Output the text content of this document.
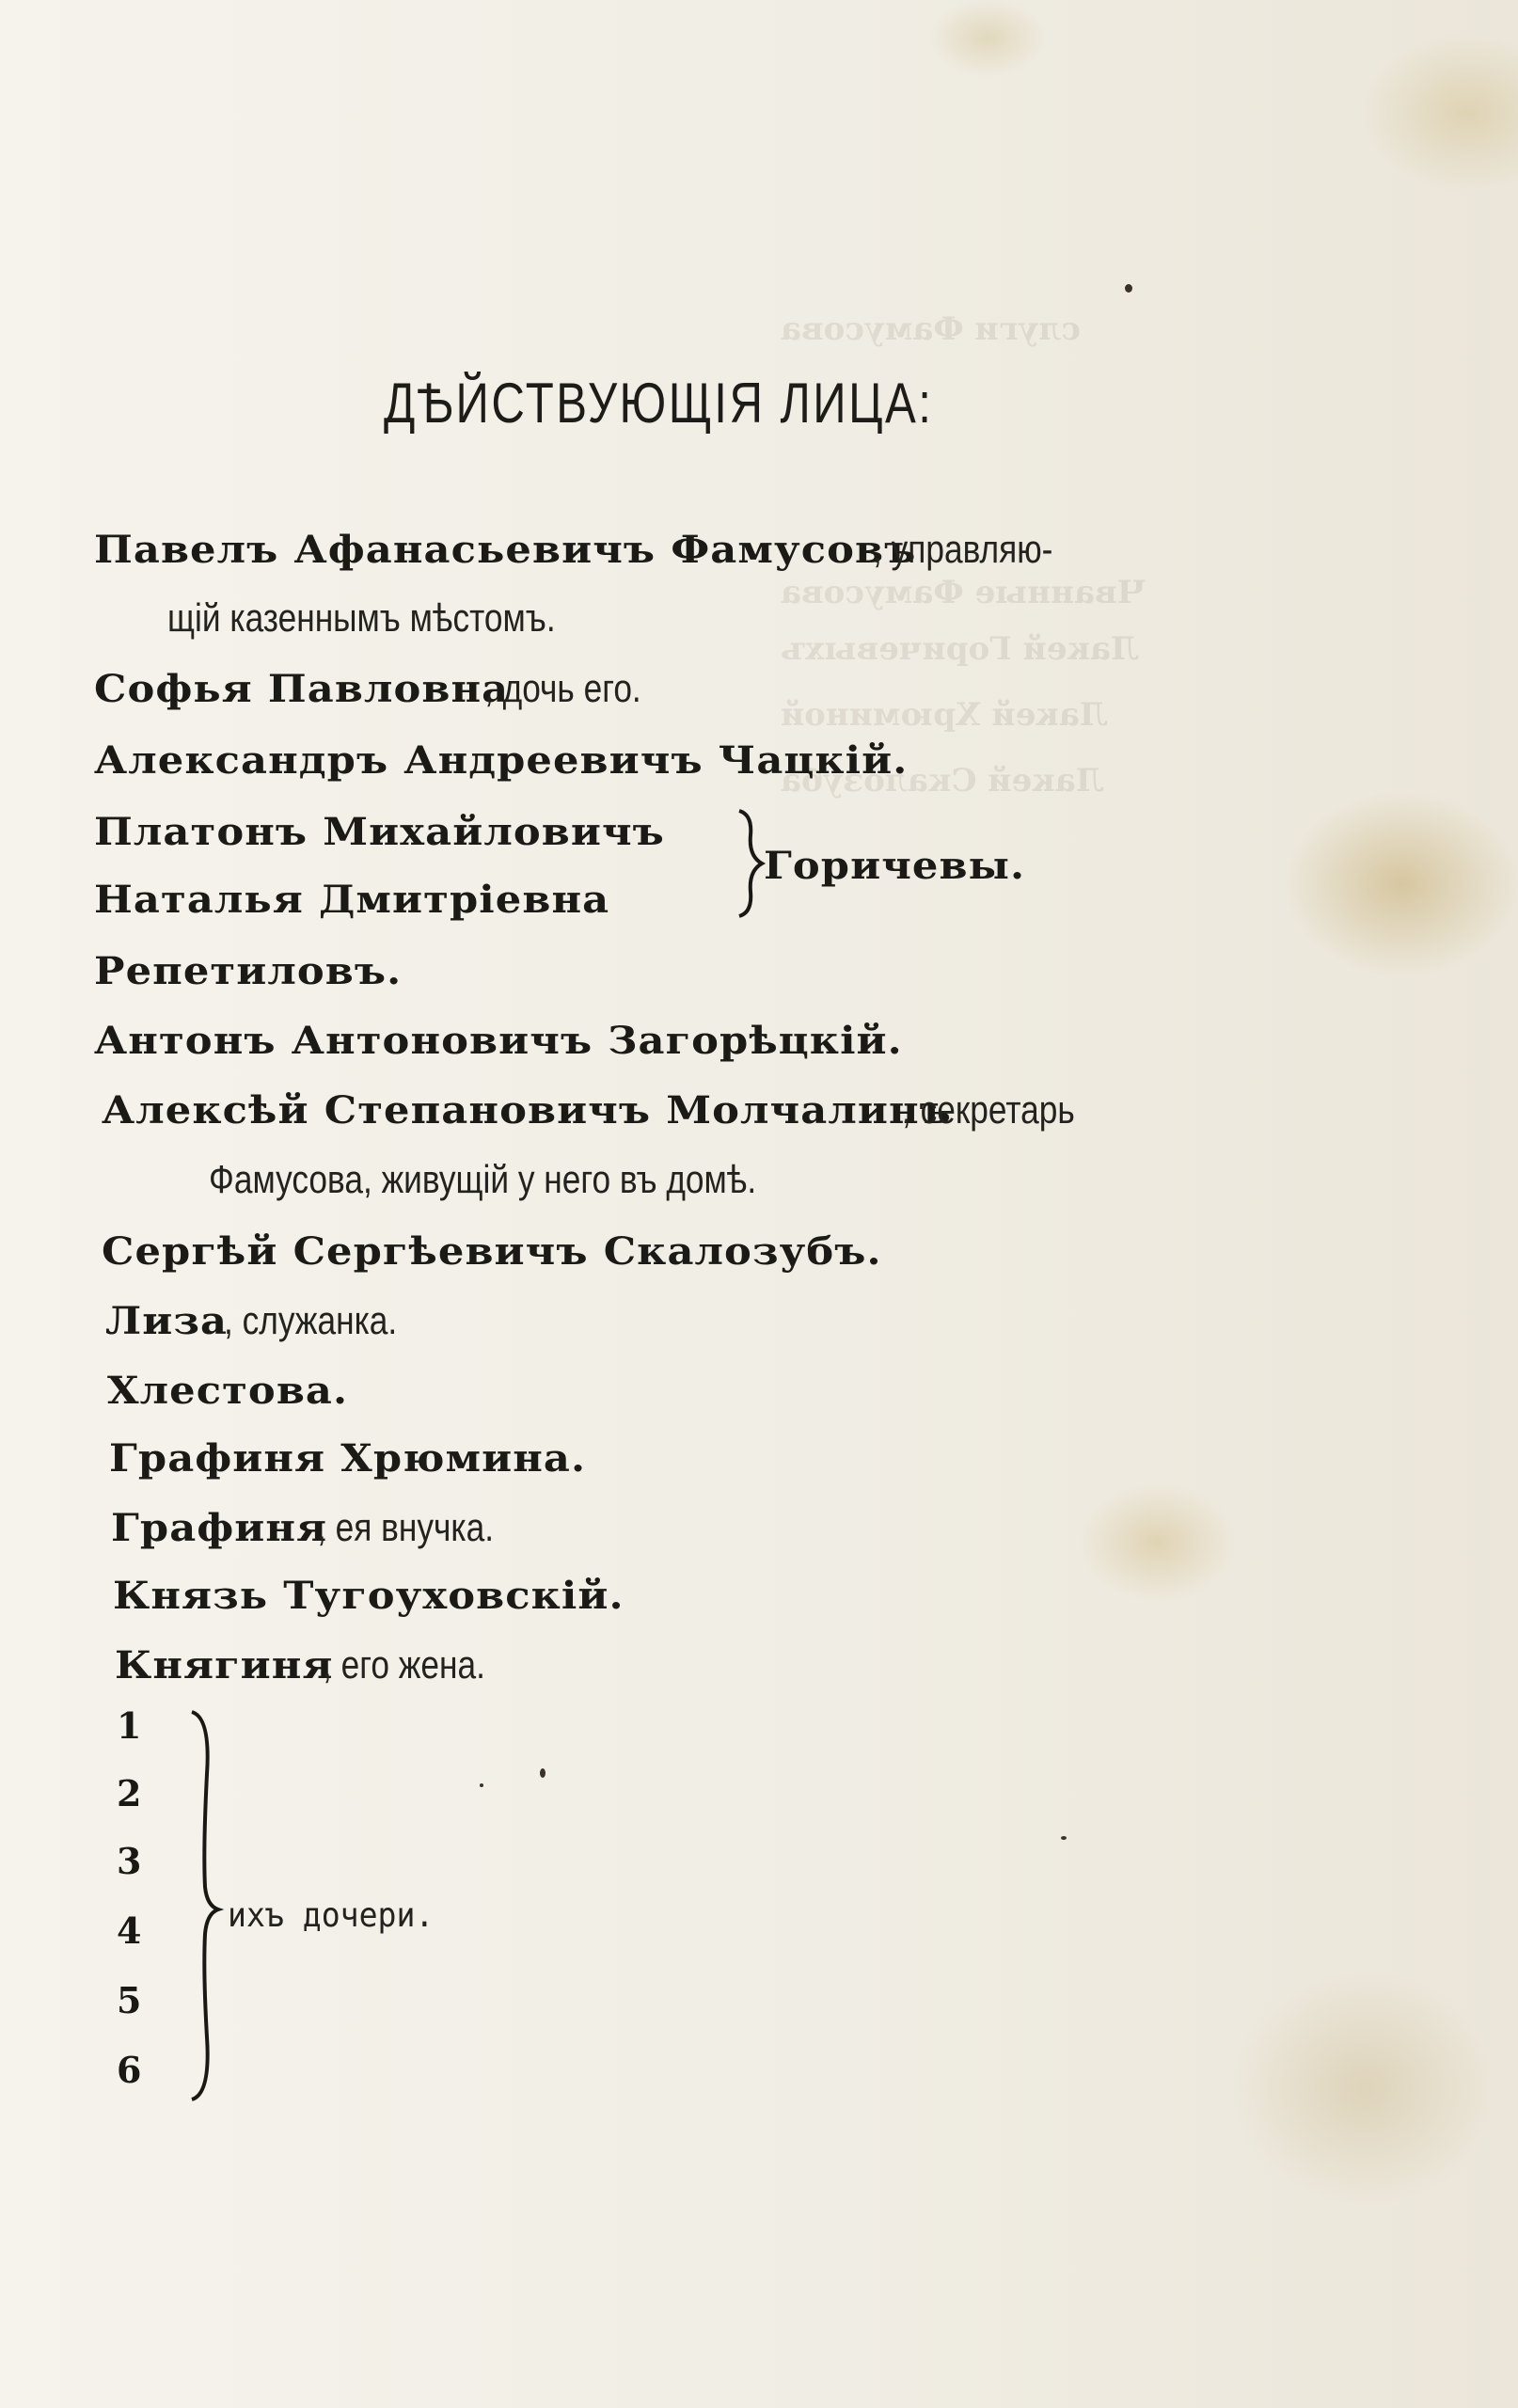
слуги Фамусова
Чванные Фамусова
Лакей Горичевыхъ
Лакей Хрюминой
Лакей Скалозуба
ДѢЙСТВУЮЩІЯ ЛИЦА:
Павелъ Афанасьевичъ Фамусовъ, управляю-
щій казеннымъ мѣстомъ.
Софья Павловна, дочь его.
Александръ Андреевичъ Чацкій.
Платонъ Михайловичъ
Наталья Дмитріевна
Горичевы.
Репетиловъ.
Антонъ Антоновичъ Загорѣцкій.
Алексѣй Степановичъ Молчалинъ, секретарь
Фамусова, живущій у него въ домѣ.
Сергѣй Сергѣевичъ Скалозубъ.
Лиза, служанка.
Хлестова.
Графиня Хрюмина.
Графиня, ея внучка.
Князь Тугоуховскій.
Княгиня, его жена.
1
2
3
4
5
6
ихъ дочери.
